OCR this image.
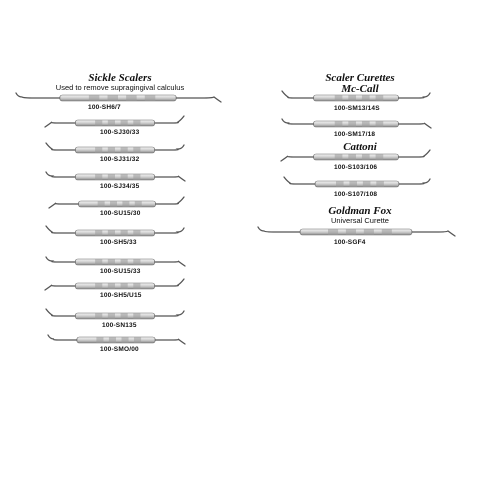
Sickle Scalers
Used to remove supragingival calculus
100-SH6/7
100-SJ30/33
100-SJ31/32
100-SJ34/35
100-SU15/30
100-SH5/33
100-SU15/33
100-SH5/U15
100-SN135
100-SMO/00
Scaler Curettes
Mc-Call
Cattoni
Goldman Fox
Universal Curette
100-SM13/14S
100-SM17/18
100-S103/106
100-S107/108
100-SGF4
